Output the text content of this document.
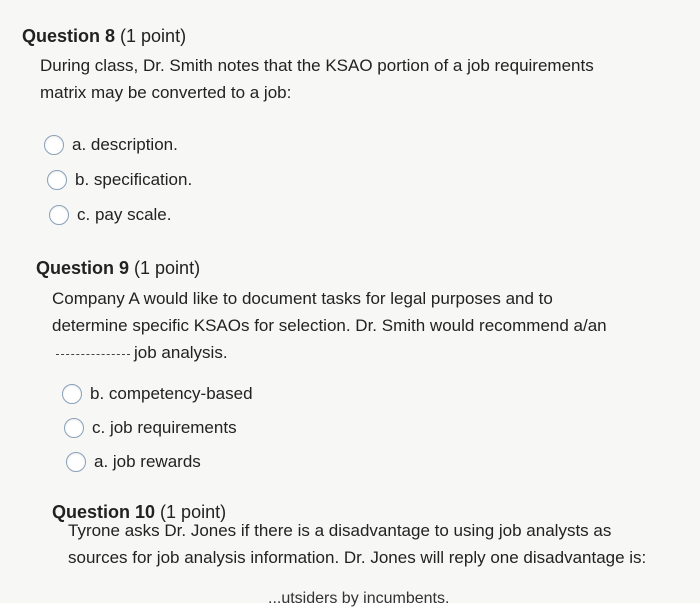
Question 8 (1 point)
During class, Dr. Smith notes that the KSAO portion of a job requirements matrix may be converted to a job:
a. description.
b. specification.
c. pay scale.
Question 9 (1 point)
Company A would like to document tasks for legal purposes and to determine specific KSAOs for selection. Dr. Smith would recommend a/anjob analysis.
b. competency-based
c. job requirements
a. job rewards
Question 10 (1 point)
Tyrone asks Dr. Jones if there is a disadvantage to using job analysts as sources for job analysis information. Dr. Jones will reply one disadvantage is:
...utsiders by incumbents.
